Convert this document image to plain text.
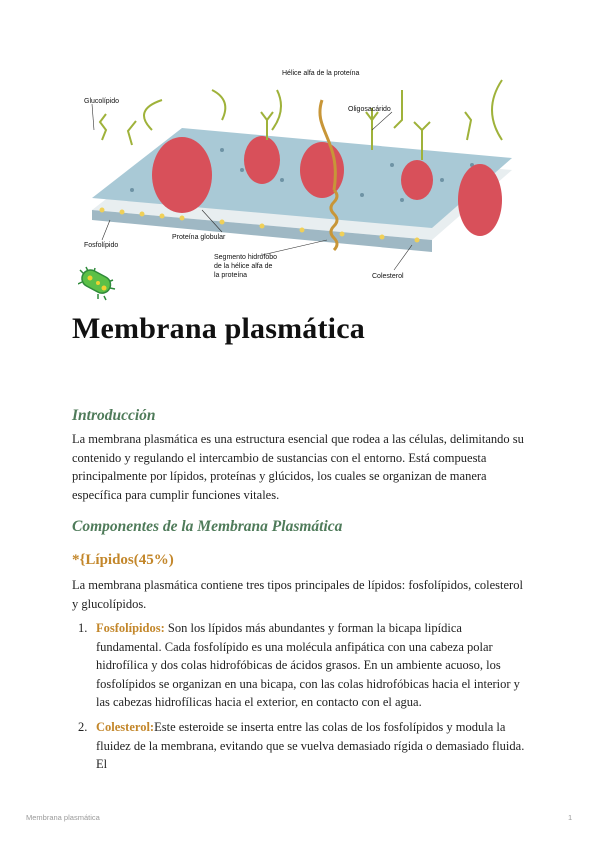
Hélice alfa de la proteína
Glucolípido
Oligosacárido
Fosfolípido
Proteína globular
Segmento hidrófobo
de la hélice alfa de
la proteína	Colesterol
Membrana plasmática
Introducción

La membrana plasmática es una estructura esencial que rodea a las células, delimitando su contenido y regulando el intercambio de sustancias con el entorno. Está compuesta principalmente por lípidos, proteínas y glúcidos, los cuales se organizan de manera específica para cumplir funciones vitales.

Componentes de la Membrana Plasmática
*{Lípidos(45%)

La membrana plasmática contiene tres tipos principales de lípidos: fosfolípidos, colesterol y glucolípidos.

1. Fosfolípidos: Son los lípidos más abundantes y forman la bicapa lipídica fundamental. Cada fosfolípido es una molécula anfipática con una cabeza polar hidrofílica y dos colas hidrofóbicas de ácidos grasos. En un ambiente acuoso, los fosfolípidos se organizan en una bicapa, con las colas hidrofóbicas hacia el interior y las cabezas hidrofílicas hacia el exterior, en contacto con el agua.
2. Colesterol:Este esteroide se inserta entre las colas de los fosfolípidos y modula la fluidez de la membrana, evitando que se vuelva demasiado rígida o demasiado fluida. El
Membrana plasmática	1
